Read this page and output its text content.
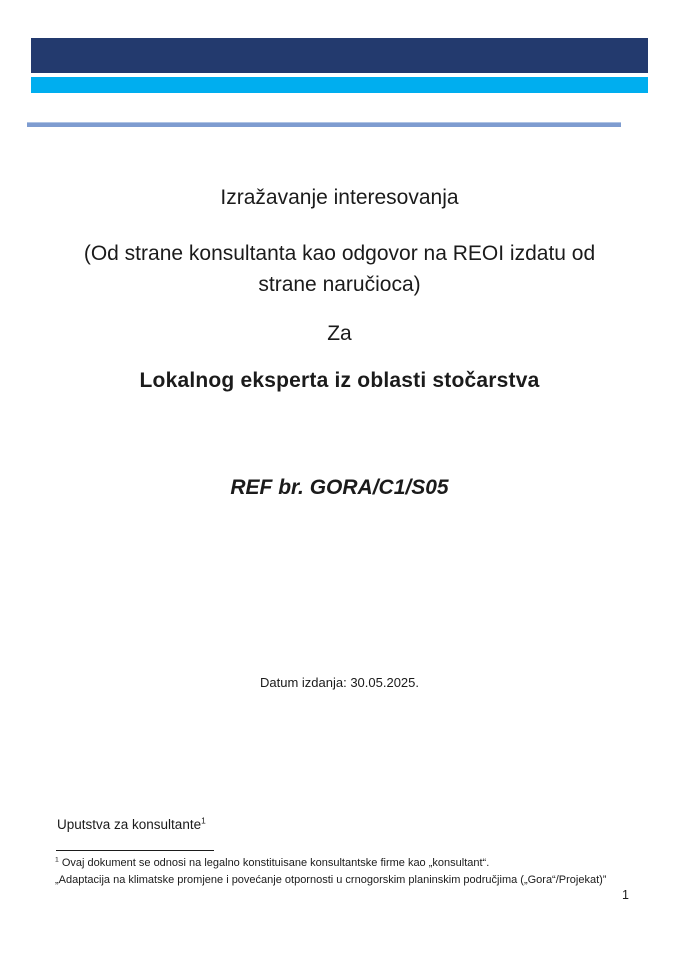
Izražavanje interesovanja
(Od strane konsultanta kao odgovor na REOI izdatu od
strane naručioca)
Za
Lokalnog eksperta iz oblasti stočarstva
REF br. GORA/C1/S05
Datum izdanja: 30.05.2025.
Uputstva za konsultante$^1$

$^1$ Ovaj dokument se odnosi na legalno konstituisane konsultantske firme kao „konsultant“.

„Adaptacija na klimatske promjene i povećanje otpornosti u crnogorskim planinskim područjima („Gora“/Projekat)”

1
